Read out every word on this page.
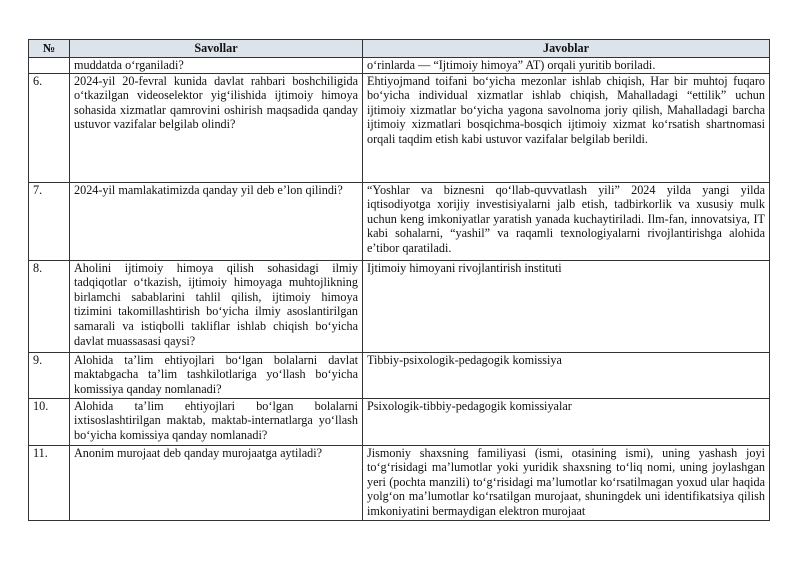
№	Savollar	Javoblar
	muddatda o‘rganiladi?	o‘rinlarda — “Ijtimoiy himoya” AT) orqali yuritib boriladi.
6.	2024-yil 20-fevral kunida davlat rahbari boshchiligida o‘tkazilgan videoselektor yig‘ilishida ijtimoiy himoya sohasida xizmatlar qamrovini oshirish maqsadida qanday ustuvor vazifalar belgilab olindi?	Ehtiyojmand toifani bo‘yicha mezonlar ishlab chiqish, Har bir muhtoj fuqaro bo‘yicha individual xizmatlar ishlab chiqish, Mahalladagi “ettilik” uchun ijtimoiy xizmatlar bo‘yicha yagona savolnoma joriy qilish, Mahalladagi barcha ijtimoiy xizmatlari bosqichma-bosqich ijtimoiy xizmat ko‘rsatish shartnomasi orqali taqdim etish kabi ustuvor vazifalar belgilab berildi.
7.	2024-yil mamlakatimizda qanday yil deb e’lon qilindi?	“Yoshlar va biznesni qo‘llab-quvvatlash yili” 2024 yilda yangi yilda iqtisodiyotga xorijiy investisiyalarni jalb etish, tadbirkorlik va xususiy mulk uchun keng imkoniyatlar yaratish yanada kuchaytiriladi. Ilm-fan, innovatsiya, IT kabi sohalarni, “yashil” va raqamli texnologiyalarni rivojlantirishga alohida e’tibor qaratiladi.
8.	Aholini ijtimoiy himoya qilish sohasidagi ilmiy tadqiqotlar o‘tkazish, ijtimoiy himoyaga muhtojlikning birlamchi sabablarini tahlil qilish, ijtimoiy himoya tizimini takomillashtirish bo‘yicha ilmiy asoslantirilgan samarali va istiqbolli takliflar ishlab chiqish bo‘yicha davlat muassasasi qaysi?	Ijtimoiy himoyani rivojlantirish instituti
9.	Alohida ta’lim ehtiyojlari bo‘lgan bolalarni davlat maktabgacha ta’lim tashkilotlariga yo‘llash bo‘yicha komissiya qanday nomlanadi?	Tibbiy-psixologik-pedagogik komissiya
10.	Alohida ta’lim ehtiyojlari bo‘lgan bolalarni ixtisoslashtirilgan maktab, maktab-internatlarga yo‘llash bo‘yicha komissiya qanday nomlanadi?	Psixologik-tibbiy-pedagogik komissiyalar
11.	Anonim murojaat deb qanday murojaatga aytiladi?	Jismoniy shaxsning familiyasi (ismi, otasining ismi), uning yashash joyi to‘g‘risidagi ma’lumotlar yoki yuridik shaxsning to‘liq nomi, uning joylashgan yeri (pochta manzili) to‘g‘risidagi ma’lumotlar ko‘rsatilmagan yoxud ular haqida yolg‘on ma’lumotlar ko‘rsatilgan murojaat, shuningdek uni identifikatsiya qilish imkoniyatini bermaydigan elektron murojaat
